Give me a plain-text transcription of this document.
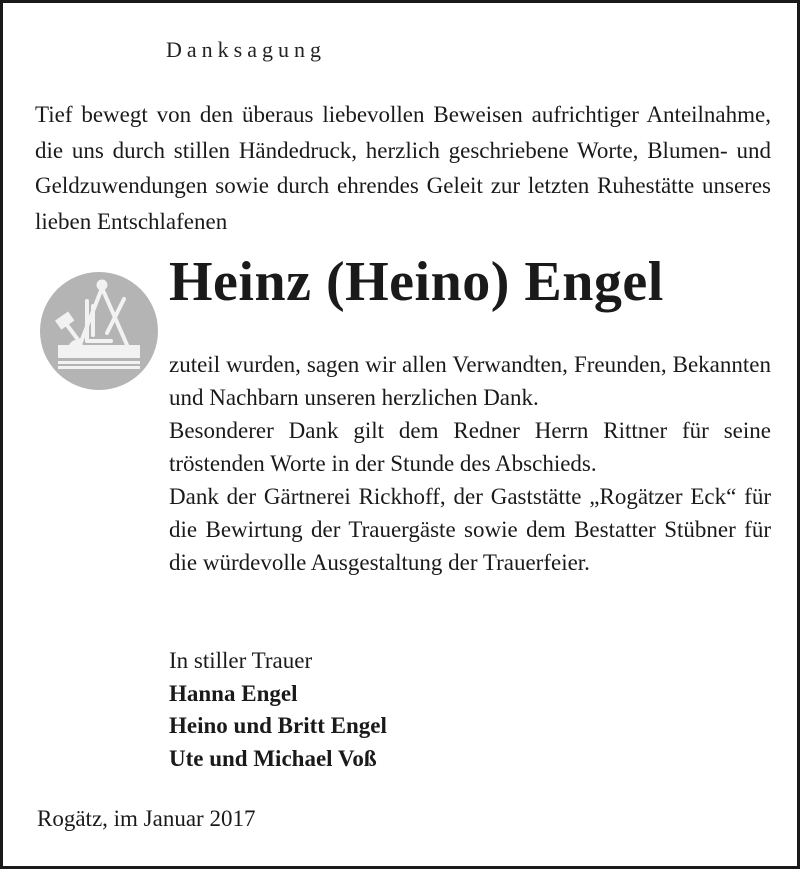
Danksagung
Tief bewegt von den überaus liebevollen Beweisen aufrichtiger Anteilnahme, die uns durch stillen Händedruck, herzlich geschriebene Worte, Blumen- und Geldzuwendungen sowie durch ehrendes Geleit zur letzten Ruhestätte unseres lieben Entschlafenen
Heinz (Heino) Engel

zuteil wurden, sagen wir allen Verwandten, Freunden, Bekannten und Nachbarn unseren herzlichen Dank.

Besonderer Dank gilt dem Redner Herrn Rittner für seine tröstenden Worte in der Stunde des Abschieds.

Dank der Gärtnerei Rickhoff, der Gaststätte „Rogätzer Eck“ für die Bewirtung der Trauergäste sowie dem Bestatter Stübner für die würdevolle Ausgestaltung der Trauerfeier.

In stiller Trauer
Hanna Engel
Heino und Britt Engel
Ute und Michael Voß
Rogätz, im Januar 2017
